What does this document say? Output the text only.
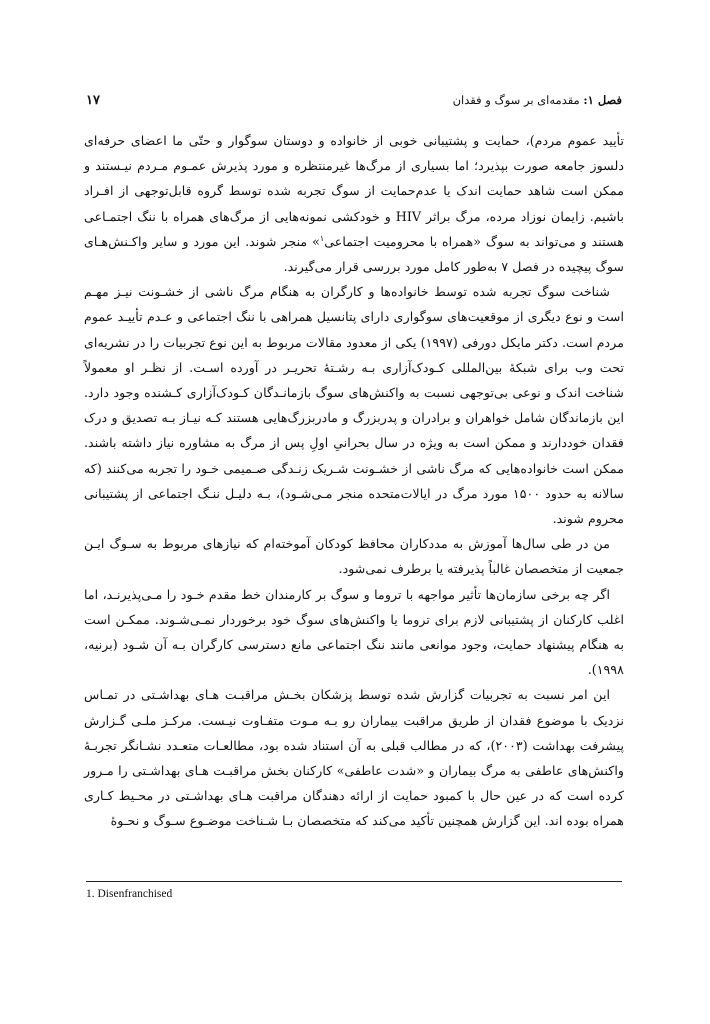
فصل ۱: مقدمه‌ای بر سوگ و فقدان
۱۷

تأیید عموم مردم)، حمایت و پشتیبانی خوبی از خانواده و دوستان سوگوار و حتّی ما اعضای حرفه‌ای دلسوز جامعه صورت بپذیرد؛ اما بسیاری از مرگ‌ها غیرمنتظره و مورد پذیرش عمـوم مـردم نیـستند و ممکن است شاهد حمایت اندک یا عدم‌حمایت از سوگ تجربه شده توسط گروه قابل‌توجهی از افـراد باشیم. زایمان نوزاد مرده، مرگ براثر HIV و خودکشی نمونه‌هایی از مرگ‌های همراه با ننگ اجتمـاعی هستند و می‌تواند به سوگ «همراه با محرومیت اجتماعی$^۱$» منجر شوند. این مورد و سایر واکـنش‌هـای سوگ پیچیده در فصل ۷ به‌طور کامل مورد بررسی قرار می‌گیرند.

شناخت سوگ تجربه شده توسط خانواده‌ها و کارگران به هنگام مرگ ناشی از خشـونت نیـز مهـم است و نوع دیگری از موقعیت‌های سوگواری دارای پتانسیل همراهی با ننگ اجتماعی و عـدم تأییـد عموم مردم است. دکتر مایکل دورفی (۱۹۹۷) یکی از معدود مقالات مربوط به این نوع تجربیات را در نشریه‌ای تحت وب برای شبکهٔ بین‌المللی کـودک‌آزاری بـه رشـتهٔ تحریـر در آورده اسـت. از نظـر او معمولاً شناخت اندک و نوعی بی‌توجهی نسبت به واکنش‌های سوگ بازمانـدگان کـودک‌آزاری کـشنده وجود دارد. این بازماندگان شامل خواهران و برادران و پدربزرگ و مادربزرگ‌هایی هستند کـه نیـاز بـه تصدیق و درک فقدان خوددارند و ممکن است به ویژه در سال بحرانیِ اولِ پس از مرگ به مشاوره نیاز داشته باشند. ممکن است خانواده‌هایی که مرگ ناشی از خشـونت شـریک زنـدگی صـمیمی خـود را تجربه می‌کنند (که سالانه به حدود ۱۵۰۰ مورد مرگ در ایالات‌متحده منجر مـی‌شـود)، بـه دلیـل ننـگ اجتماعی از پشتیبانی محروم شوند.

من در طی سال‌ها آموزش به مددکاران محافظ کودکان آموخته‌ام که نیازهای مربوط به سـوگ ایـن جمعیت از متخصصان غالباً پذیرفته یا برطرف نمی‌شود.

اگر چه برخی سازمان‌ها تأثیر مواجهه با تروما و سوگ بر کارمندان خط مقدم خـود را مـی‌پذیرنـد، اما اغلب کارکنان از پشتیبانی لازم برای تروما یا واکنش‌های سوگ خود برخوردار نمـی‌شـوند. ممکـن است به هنگام پیشنهاد حمایت، وجود موانعی مانند ننگ اجتماعی مانع دسترسی کارگران بـه آن شـود (برنیه، ۱۹۹۸).

این امر نسبت به تجربیات گزارش شده توسط پزشکان بخـش مراقبـت هـای بهداشـتی در تمـاس نزدیک با موضوع فقدان از طریق مراقبت بیماران رو بـه مـوت متفـاوت نیـست. مرکـز ملـی گـزارش پیشرفت بهداشت (۲۰۰۳)، که در مطالب قبلی به آن استناد شده بود، مطالعـات متعـدد نشـانگر تجربـهٔ واکنش‌های عاطفی به مرگ بیماران و «شدت عاطفی» کارکنان بخش مراقبـت هـای بهداشـتی را مـرور کرده است که در عین حال با کمبود حمایت از ارائه دهندگان مراقبت هـای بهداشـتی در محـیط کـاری همراه بوده اند. این گزارش همچنین تأکید می‌کند که متخصصان بـا شـناخت موضـوع سـوگ و نحـوهٔ

1. Disenfranchised
